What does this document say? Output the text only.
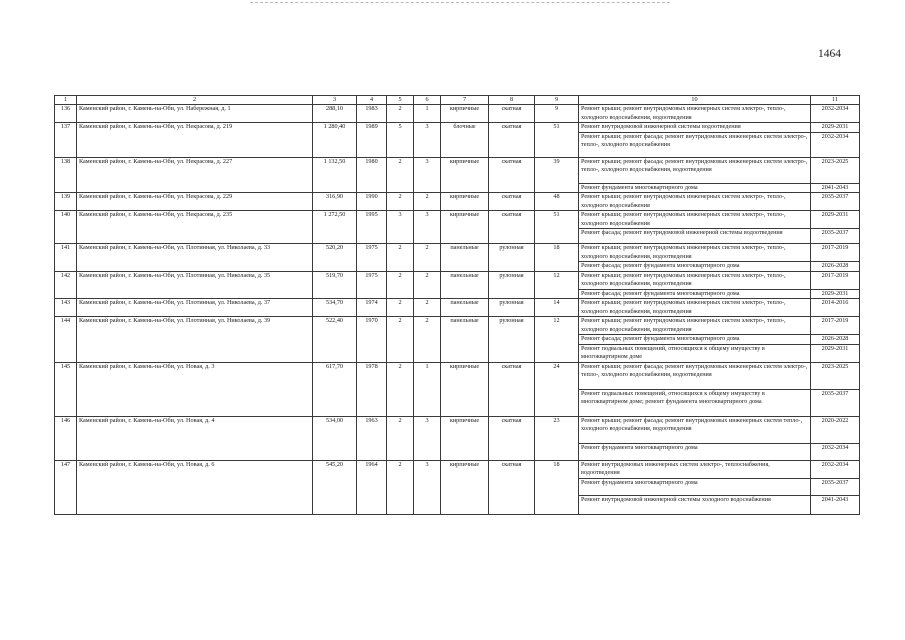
1464
1	2	3	4	5	6	7	8	9	10	11
136	Каменский район, г. Камень-на-Оби, ул. Набережная, д. 1	288,10	1983	2	1	кирпичные	скатная	9	Ремонт крыши; ремонт внутридомовых инженерных систем электро-, тепло-, холодного водоснабжения, водоотведения	2032-2034
137	Каменский район, г. Камень-на-Оби, ул. Некрасова, д. 219	1 280,40	1989	5	3	блочные	скатная	51	Ремонт внутридомовой инженерной системы водоотведения	2029-2031
									Ремонт крыши; ремонт фасада; ремонт внутридомовых инженерных систем электро-, тепло-, холодного водоснабжения	2032-2034
138	Каменский район, г. Камень-на-Оби, ул. Некрасова, д. 227	1 132,50	1980	2	3	кирпичные	скатная	39	Ремонт крыши; ремонт фасада; ремонт внутридомовых инженерных систем электро-, тепло-, холодного водоснабжения, водоотведения	2023-2025
									Ремонт фундамента многоквартирного дома	2041-2043
139	Каменский район, г. Камень-на-Оби, ул. Некрасова, д. 229	316,90	1990	2	2	кирпичные	скатная	48	Ремонт крыши; ремонт внутридомовых инженерных систем электро-, тепло-, холодного водоснабжения	2035-2037
140	Каменский район, г. Камень-на-Оби, ул. Некрасова, д. 235	1 272,50	1995	3	3	кирпичные	скатная	51	Ремонт крыши; ремонт внутридомовых инженерных систем электро-, тепло-, холодного водоснабжения	2029-2031
									Ремонт фасада; ремонт внутридомовой инженерной системы водоотведения	2035-2037
141	Каменский район, г. Камень-на-Оби, ул. Плотинная, ул. Николаева, д. 33	520,20	1975	2	2	панельные	рулонная	18	Ремонт крыши; ремонт внутридомовых инженерных систем электро-, тепло-, холодного водоснабжения, водоотведения	2017-2019
									Ремонт фасада; ремонт фундамента многоквартирного дома	2026-2028
142	Каменский район, г. Камень-на-Оби, ул. Плотинная, ул. Николаева, д. 35	519,70	1975	2	2	панельные	рулонная	12	Ремонт крыши; ремонт внутридомовых инженерных систем электро-, тепло-, холодного водоснабжения, водоотведения	2017-2019
									Ремонт фасада; ремонт фундамента многоквартирного дома	2029-2031
143	Каменский район, г. Камень-на-Оби, ул. Плотинная, ул. Николаева, д. 37	534,70	1974	2	2	панельные	рулонная	14	Ремонт крыши; ремонт внутридомовых инженерных систем электро-, тепло-, холодного водоснабжения, водоотведения	2014-2016
144	Каменский район, г. Камень-на-Оби, ул. Плотинная, ул. Николаева, д. 39	522,40	1970	2	2	панельные	рулонная	12	Ремонт крыши; ремонт внутридомовых инженерных систем электро-, тепло-, холодного водоснабжения, водоотведения	2017-2019
									Ремонт фасада; ремонт фундамента многоквартирного дома	2026-2028
									Ремонт подвальных помещений, относящихся к общему имуществу в многоквартирном доме	2029-2031
145	Каменский район, г. Камень-на-Оби, ул. Новая, д. 3	617,70	1978	2	1	кирпичные	скатная	24	Ремонт крыши; ремонт фасада; ремонт внутридомовых инженерных систем электро-, тепло-, холодного водоснабжения, водоотведения	2023-2025
									Ремонт подвальных помещений, относящихся к общему имуществу в многоквартирном доме; ремонт фундамента многоквартирного дома	2035-2037
146	Каменский район, г. Камень-на-Оби, ул. Новая, д. 4	534,00	1963	2	3	кирпичные	скатная	23	Ремонт крыши; ремонт фасада; ремонт внутридомовых инженерных систем тепло-, холодного водоснабжения, водоотведения	2020-2022
									Ремонт фундамента многоквартирного дома	2032-2034
147	Каменский район, г. Камень-на-Оби, ул. Новая, д. 6	545,20	1964	2	3	кирпичные	скатная	18	Ремонт внутридомовых инженерных систем электро-, теплоснабжения, водоотведения	2032-2034
									Ремонт фундамента многоквартирного дома	2035-2037
									Ремонт внутридомовой инженерной системы холодного водоснабжения	2041-2043
